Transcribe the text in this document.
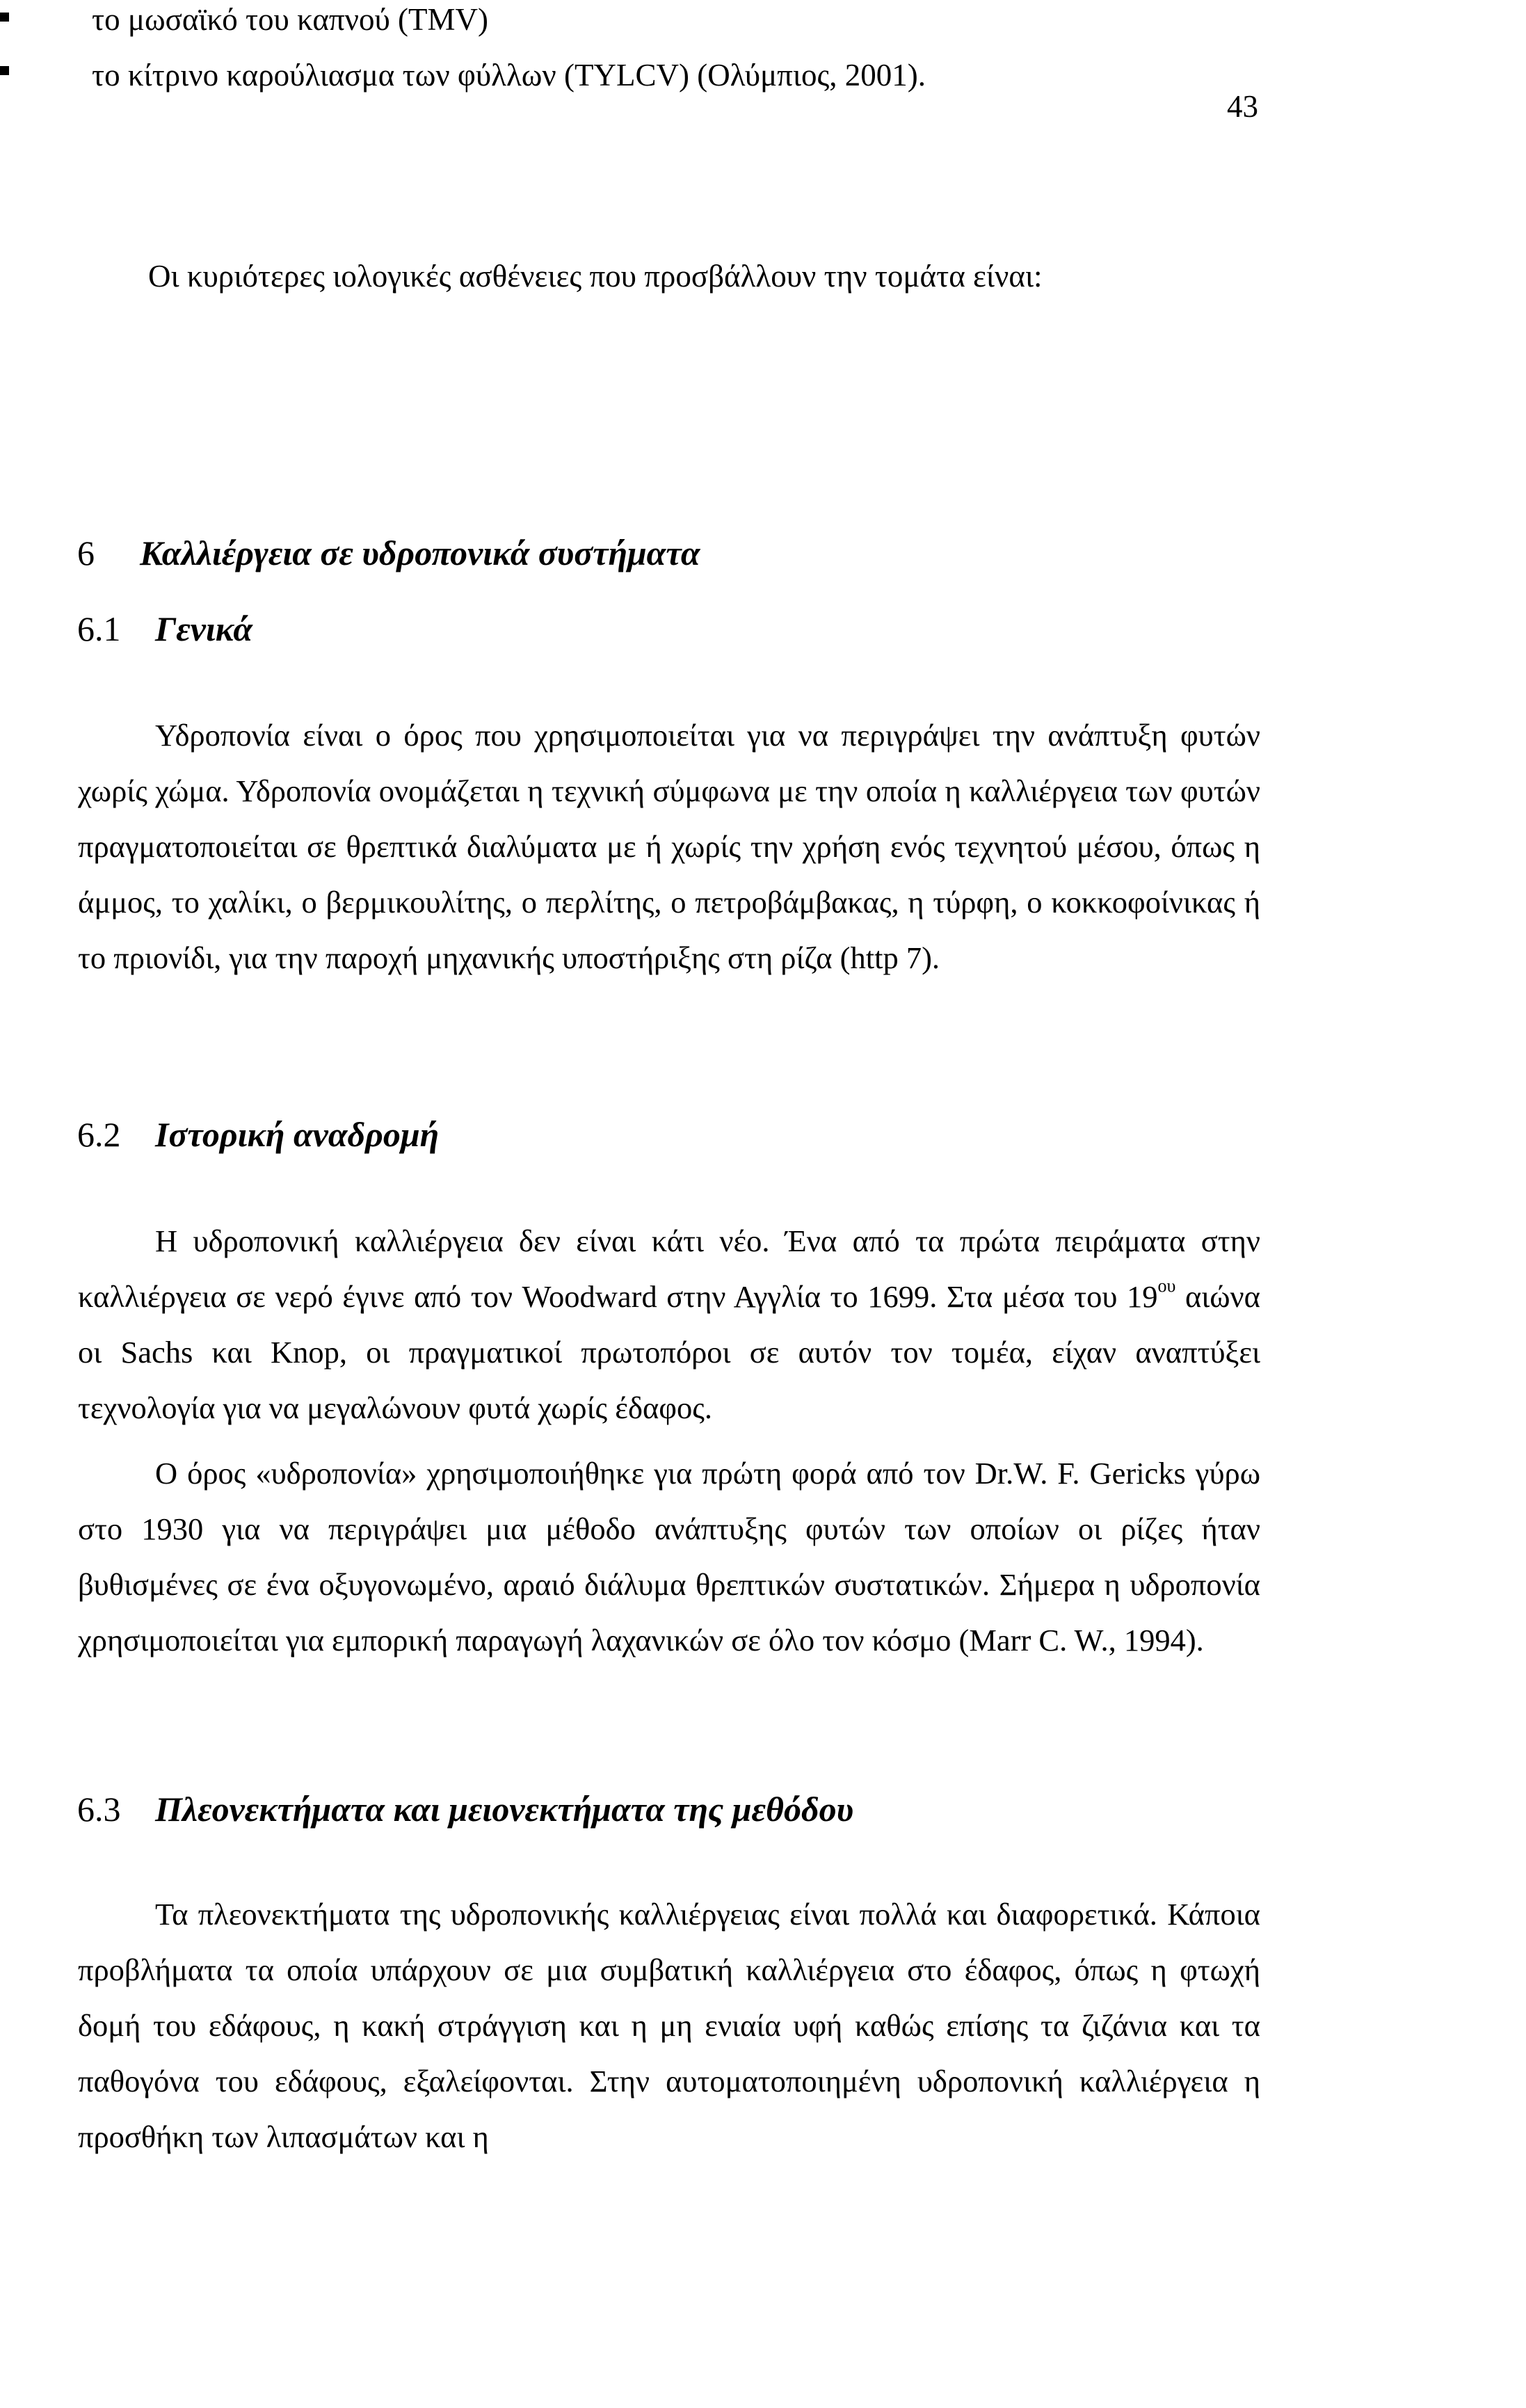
43
Οι κυριότερες ιολογικές ασθένειες που προσβάλλουν την τομάτα είναι:
το μωσαϊκό του καπνού (TMV)
το κίτρινο καρούλιασμα των φύλλων (TYLCV) (Ολύμπιος, 2001).
6 Καλλιέργεια σε υδροπονικά συστήματα
6.1 Γενικά

Υδροπονία είναι ο όρος που χρησιμοποιείται για να περιγράψει την ανάπτυξη φυτών χωρίς χώμα. Υδροπονία ονομάζεται η τεχνική σύμφωνα με την οποία η καλλιέργεια των φυτών πραγματοποιείται σε θρεπτικά διαλύματα με ή χωρίς την χρήση ενός τεχνητού μέσου, όπως η άμμος, το χαλίκι, ο βερμικουλίτης, ο περλίτης, ο πετροβάμβακας, η τύρφη, ο κοκκοφοίνικας ή το πριονίδι, για την παροχή μηχανικής υποστήριξης στη ρίζα (http 7).

6.2 Ιστορική αναδρομή

Η υδροπονική καλλιέργεια δεν είναι κάτι νέο. Ένα από τα πρώτα πειράματα στην καλλιέργεια σε νερό έγινε από τον Woodward στην Αγγλία το 1699. Στα μέσα του $19^{o\upsilon}$ αιώνα οι Sachs και Knop, οι πραγματικοί πρωτοπόροι σε αυτόν τον τομέα, είχαν αναπτύξει τεχνολογία για να μεγαλώνουν φυτά χωρίς έδαφος.

Ο όρος «υδροπονία» χρησιμοποιήθηκε για πρώτη φορά από τον Dr.W. F. Gericks γύρω στο 1930 για να περιγράψει μια μέθοδο ανάπτυξης φυτών των οποίων οι ρίζες ήταν βυθισμένες σε ένα οξυγονωμένο, αραιό διάλυμα θρεπτικών συστατικών. Σήμερα η υδροπονία χρησιμοποιείται για εμπορική παραγωγή λαχανικών σε όλο τον κόσμο (Marr C. W., 1994).

6.3 Πλεονεκτήματα και μειονεκτήματα της μεθόδου

Τα πλεονεκτήματα της υδροπονικής καλλιέργειας είναι πολλά και διαφορετικά. Κάποια προβλήματα τα οποία υπάρχουν σε μια συμβατική καλλιέργεια στο έδαφος, όπως η φτωχή δομή του εδάφους, η κακή στράγγιση και η μη ενιαία υφή καθώς επίσης τα ζιζάνια και τα παθογόνα του εδάφους, εξαλείφονται. Στην αυτοματοποιημένη υδροπονική καλλιέργεια η προσθήκη των λιπασμάτων και η
